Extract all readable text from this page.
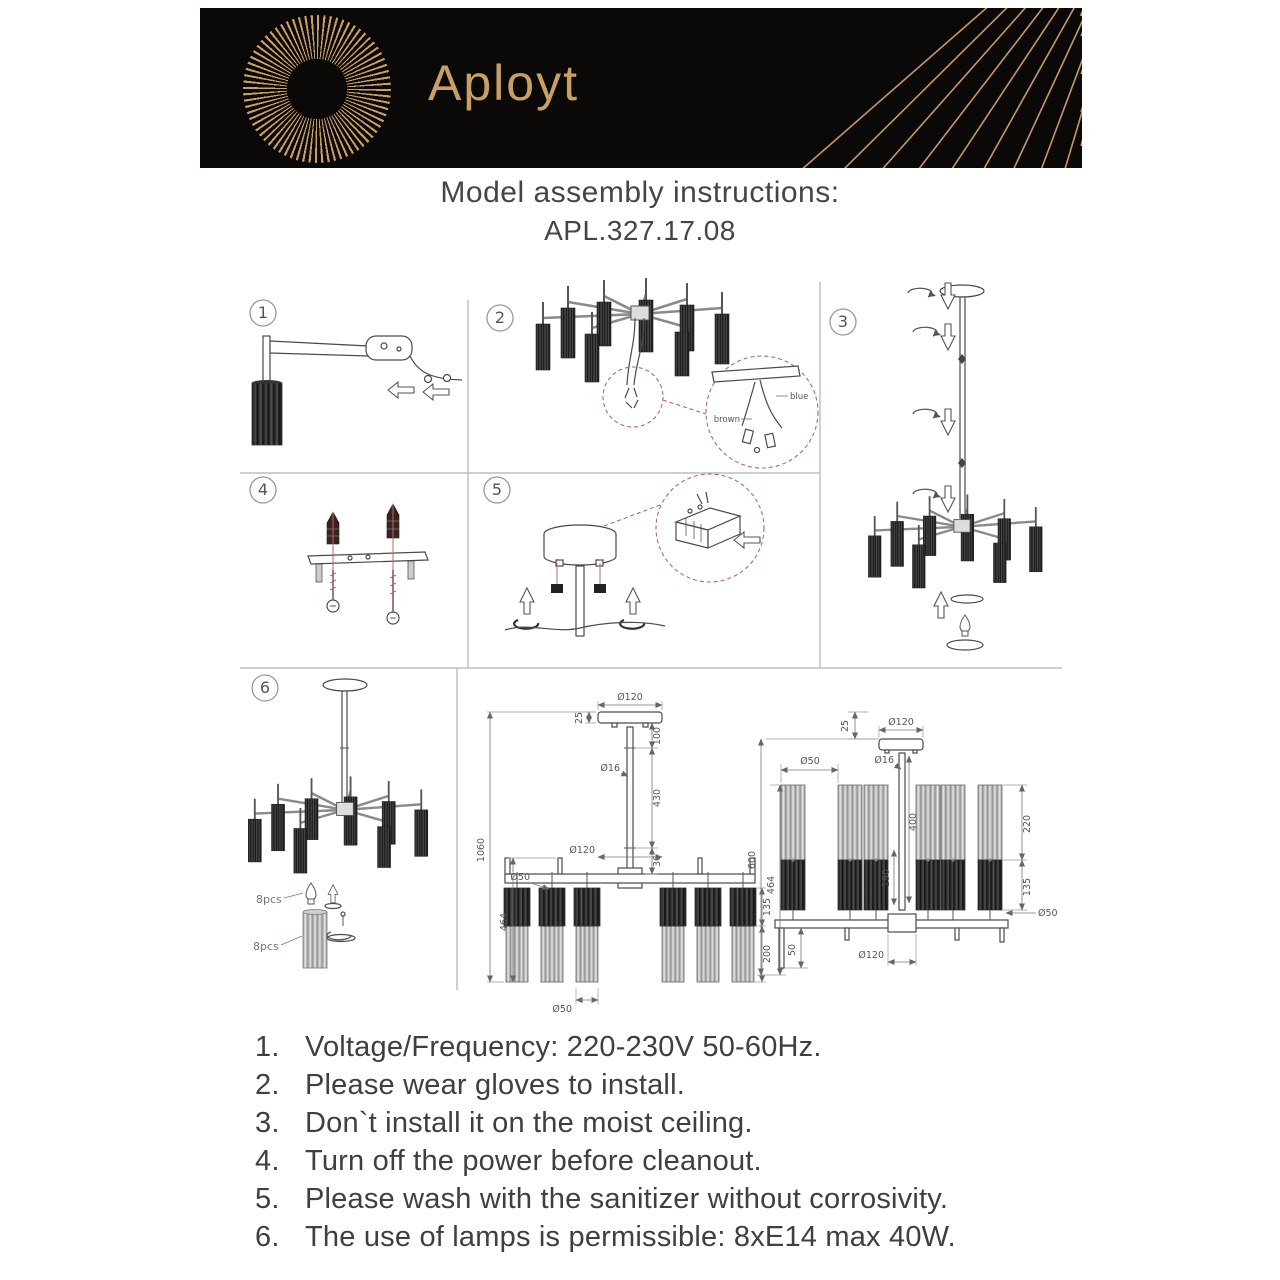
Aployt
Model assembly instructions:
APL.327.17.08
1	2
blue
brown
3
4	5
6
8pcs
8pcs
Ø120
25
100
430
36
Ø16
Ø120
1060
464
Ø50
135
200
Ø50
25	Ø120
Ø16
400
190
Ø50
600
464
50
220
135
Ø50
Ø120
1. Voltage/Frequency: 220-230V 50-60Hz.
2. Please wear gloves to install.
3. Don`t install it on the moist ceiling.
4. Turn off the power before cleanout.
5. Please wash with the sanitizer without corrosivity.
6. The use of lamps is permissible: 8xE14 max 40W.
